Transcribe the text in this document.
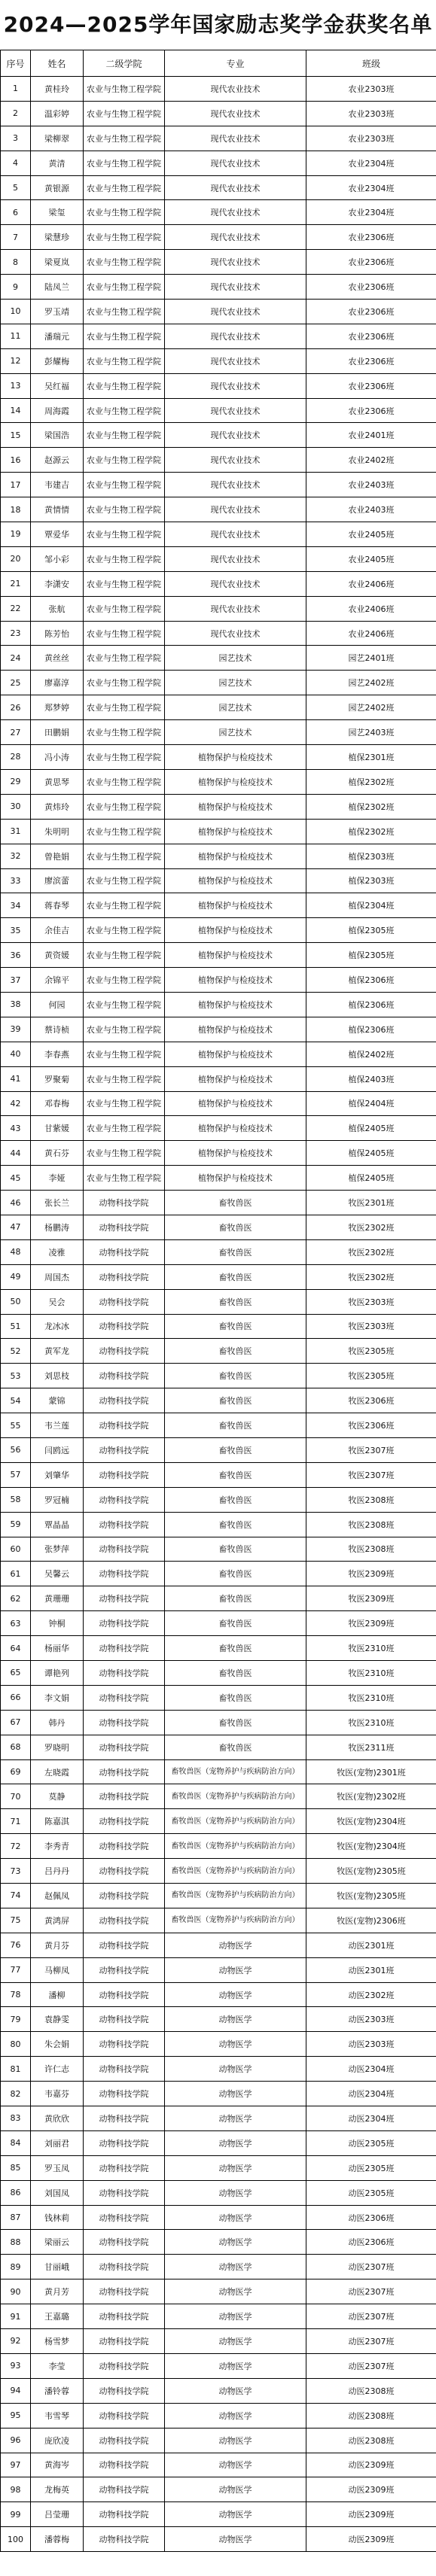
2024—2025学年国家励志奖学金获奖名单
序号	姓名	二级学院	专业	班级
1	黄桂玲	农业与生物工程学院	现代农业技术	农业2303班
2	温彩婷	农业与生物工程学院	现代农业技术	农业2303班
3	梁柳翠	农业与生物工程学院	现代农业技术	农业2303班
4	黄清	农业与生物工程学院	现代农业技术	农业2304班
5	黄银源	农业与生物工程学院	现代农业技术	农业2304班
6	梁玺	农业与生物工程学院	现代农业技术	农业2304班
7	梁慧珍	农业与生物工程学院	现代农业技术	农业2306班
8	梁夏岚	农业与生物工程学院	现代农业技术	农业2306班
9	陆凤兰	农业与生物工程学院	现代农业技术	农业2306班
10	罗玉靖	农业与生物工程学院	现代农业技术	农业2306班
11	潘瑞元	农业与生物工程学院	现代农业技术	农业2306班
12	彭耀梅	农业与生物工程学院	现代农业技术	农业2306班
13	吴红福	农业与生物工程学院	现代农业技术	农业2306班
14	周海霞	农业与生物工程学院	现代农业技术	农业2306班
15	梁国浩	农业与生物工程学院	现代农业技术	农业2401班
16	赵源云	农业与生物工程学院	现代农业技术	农业2402班
17	韦建吉	农业与生物工程学院	现代农业技术	农业2403班
18	黄情情	农业与生物工程学院	现代农业技术	农业2403班
19	覃爱华	农业与生物工程学院	现代农业技术	农业2405班
20	邹小彩	农业与生物工程学院	现代农业技术	农业2405班
21	李潇安	农业与生物工程学院	现代农业技术	农业2406班
22	张航	农业与生物工程学院	现代农业技术	农业2406班
23	陈芳怡	农业与生物工程学院	现代农业技术	农业2406班
24	黄丝丝	农业与生物工程学院	园艺技术	园艺2401班
25	廖嘉淳	农业与生物工程学院	园艺技术	园艺2402班
26	郑梦婷	农业与生物工程学院	园艺技术	园艺2402班
27	田鹏娟	农业与生物工程学院	园艺技术	园艺2403班
28	冯小涛	农业与生物工程学院	植物保护与检疫技术	植保2301班
29	黄思琴	农业与生物工程学院	植物保护与检疫技术	植保2302班
30	黄炜玲	农业与生物工程学院	植物保护与检疫技术	植保2302班
31	朱明明	农业与生物工程学院	植物保护与检疫技术	植保2302班
32	曾艳娟	农业与生物工程学院	植物保护与检疫技术	植保2303班
33	廖滨蕾	农业与生物工程学院	植物保护与检疫技术	植保2303班
34	蒋春琴	农业与生物工程学院	植物保护与检疫技术	植保2304班
35	余佳吉	农业与生物工程学院	植物保护与检疫技术	植保2305班
36	黄资媛	农业与生物工程学院	植物保护与检疫技术	植保2305班
37	余锦平	农业与生物工程学院	植物保护与检疫技术	植保2306班
38	何园	农业与生物工程学院	植物保护与检疫技术	植保2306班
39	蔡诗桢	农业与生物工程学院	植物保护与检疫技术	植保2306班
40	李春燕	农业与生物工程学院	植物保护与检疫技术	植保2402班
41	罗聚菊	农业与生物工程学院	植物保护与检疫技术	植保2403班
42	邓春梅	农业与生物工程学院	植物保护与检疫技术	植保2404班
43	甘紫媛	农业与生物工程学院	植物保护与检疫技术	植保2405班
44	黄石芬	农业与生物工程学院	植物保护与检疫技术	植保2405班
45	李娅	农业与生物工程学院	植物保护与检疫技术	植保2405班
46	张长兰	动物科技学院	畜牧兽医	牧医2301班
47	杨鹏涛	动物科技学院	畜牧兽医	牧医2302班
48	凌雅	动物科技学院	畜牧兽医	牧医2302班
49	周国杰	动物科技学院	畜牧兽医	牧医2302班
50	吴会	动物科技学院	畜牧兽医	牧医2303班
51	龙冰冰	动物科技学院	畜牧兽医	牧医2303班
52	黄军龙	动物科技学院	畜牧兽医	牧医2305班
53	刘思枝	动物科技学院	畜牧兽医	牧医2305班
54	蒙锦	动物科技学院	畜牧兽医	牧医2306班
55	韦兰莲	动物科技学院	畜牧兽医	牧医2306班
56	闫鸥远	动物科技学院	畜牧兽医	牧医2307班
57	刘肇华	动物科技学院	畜牧兽医	牧医2307班
58	罗冠楠	动物科技学院	畜牧兽医	牧医2308班
59	覃晶晶	动物科技学院	畜牧兽医	牧医2308班
60	张梦萍	动物科技学院	畜牧兽医	牧医2308班
61	吴馨云	动物科技学院	畜牧兽医	牧医2309班
62	黄珊珊	动物科技学院	畜牧兽医	牧医2309班
63	钟桐	动物科技学院	畜牧兽医	牧医2309班
64	杨丽华	动物科技学院	畜牧兽医	牧医2310班
65	谭艳列	动物科技学院	畜牧兽医	牧医2310班
66	李文娟	动物科技学院	畜牧兽医	牧医2310班
67	韩丹	动物科技学院	畜牧兽医	牧医2310班
68	罗晓明	动物科技学院	畜牧兽医	牧医2311班
69	左晓霞	动物科技学院	畜牧兽医（宠物养护与疾病防治方向）	牧医(宠物)2301班
70	莫静	动物科技学院	畜牧兽医（宠物养护与疾病防治方向）	牧医(宠物)2302班
71	陈嘉淇	动物科技学院	畜牧兽医（宠物养护与疾病防治方向）	牧医(宠物)2304班
72	李秀青	动物科技学院	畜牧兽医（宠物养护与疾病防治方向）	牧医(宠物)2304班
73	吕丹丹	动物科技学院	畜牧兽医（宠物养护与疾病防治方向）	牧医(宠物)2305班
74	赵佩凤	动物科技学院	畜牧兽医（宠物养护与疾病防治方向）	牧医(宠物)2305班
75	黄鸿屏	动物科技学院	畜牧兽医（宠物养护与疾病防治方向）	牧医(宠物)2306班
76	黄月芬	动物科技学院	动物医学	动医2301班
77	马柳凤	动物科技学院	动物医学	动医2301班
78	潘柳	动物科技学院	动物医学	动医2302班
79	袁静雯	动物科技学院	动物医学	动医2303班
80	朱会娟	动物科技学院	动物医学	动医2303班
81	许仁志	动物科技学院	动物医学	动医2304班
82	韦嘉芬	动物科技学院	动物医学	动医2304班
83	黄欣欣	动物科技学院	动物医学	动医2304班
84	刘丽君	动物科技学院	动物医学	动医2305班
85	罗玉凤	动物科技学院	动物医学	动医2305班
86	刘国凤	动物科技学院	动物医学	动医2305班
87	钱林莉	动物科技学院	动物医学	动医2306班
88	梁丽云	动物科技学院	动物医学	动医2306班
89	甘丽峨	动物科技学院	动物医学	动医2307班
90	黄月芳	动物科技学院	动物医学	动医2307班
91	王嘉璐	动物科技学院	动物医学	动医2307班
92	杨雪梦	动物科技学院	动物医学	动医2307班
93	李莹	动物科技学院	动物医学	动医2307班
94	潘铃蓉	动物科技学院	动物医学	动医2308班
95	韦雪琴	动物科技学院	动物医学	动医2308班
96	庞欣凌	动物科技学院	动物医学	动医2308班
97	黄海岑	动物科技学院	动物医学	动医2309班
98	龙梅英	动物科技学院	动物医学	动医2309班
99	吕莹珊	动物科技学院	动物医学	动医2309班
100	潘蓉梅	动物科技学院	动物医学	动医2309班
